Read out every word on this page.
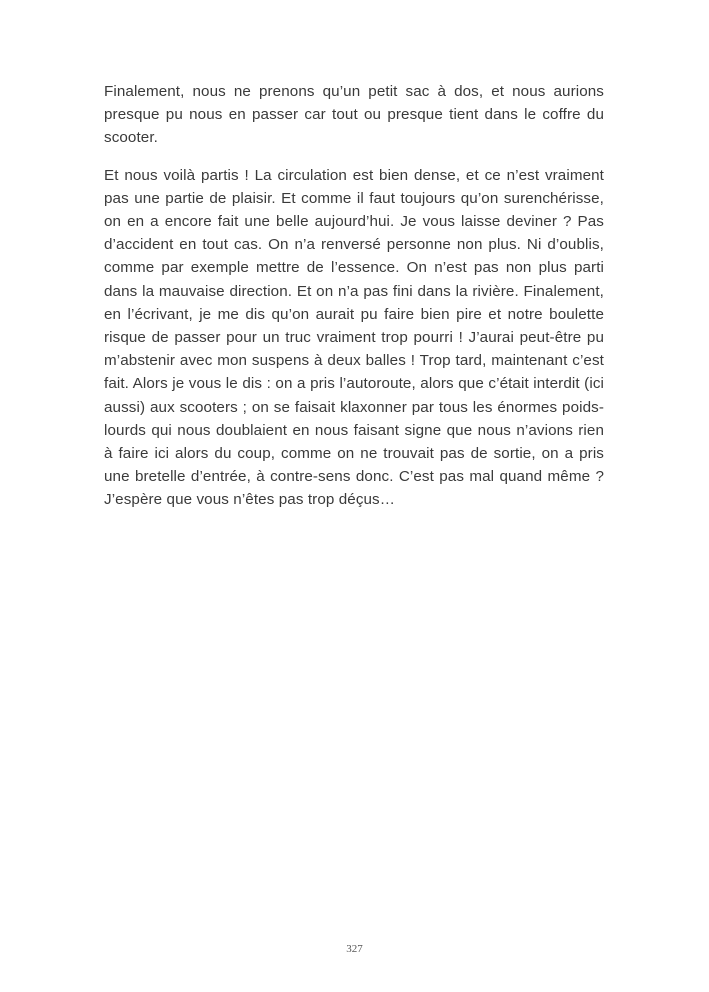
Finalement, nous ne prenons qu’un petit sac à dos, et nous aurions presque pu nous en passer car tout ou presque tient dans le coffre du scooter.

Et nous voilà partis ! La circulation est bien dense, et ce n’est vraiment pas une partie de plaisir. Et comme il faut toujours qu’on surenchérisse, on en a encore fait une belle aujourd’hui. Je vous laisse deviner ? Pas d’accident en tout cas. On n’a renversé personne non plus. Ni d’oublis, comme par exemple mettre de l’essence. On n’est pas non plus parti dans la mauvaise direction. Et on n’a pas fini dans la rivière. Finalement, en l’écrivant, je me dis qu’on aurait pu faire bien pire et notre boulette risque de passer pour un truc vraiment trop pourri ! J’aurai peut-être pu m’abstenir avec mon suspens à deux balles ! Trop tard, maintenant c’est fait. Alors je vous le dis : on a pris l’autoroute, alors que c’était interdit (ici aussi) aux scooters ; on se faisait klaxonner par tous les énormes poids-lourds qui nous doublaient en nous faisant signe que nous n’avions rien à faire ici alors du coup, comme on ne trouvait pas de sortie, on a pris une bretelle d’entrée, à contre-sens donc. C’est pas mal quand même ? J’espère que vous n’êtes pas trop déçus…

327
